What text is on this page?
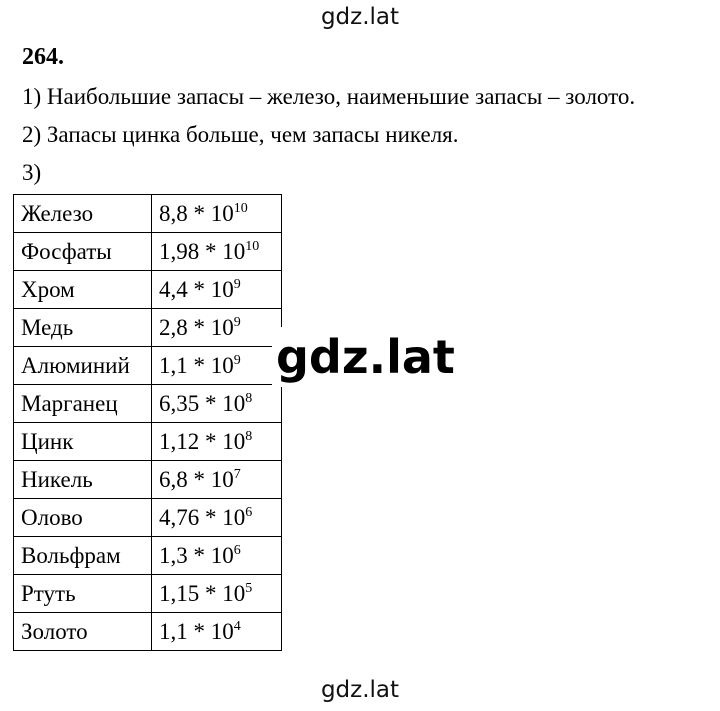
gdz.lat
264.
1) Наибольшие запасы – железо, наименьшие запасы – золото.
2) Запасы цинка больше, чем запасы никеля.
3)
Железо	$8,8 * 10^{10}$
Фосфаты	$1,98 * 10^{10}$
Хром	$4,4 * 10^9$
Медь	$2,8 * 10^9$
Алюминий	$1,1 * 10^9$
Марганец	$6,35 * 10^8$
Цинк	$1,12 * 10^8$
Никель	$6,8 * 10^7$
Олово	$4,76 * 10^6$
Вольфрам	$1,3 * 10^6$
Ртуть	$1,15 * 10^5$
Золото	$1,1 * 10^4$
gdz.lat
gdz.lat
